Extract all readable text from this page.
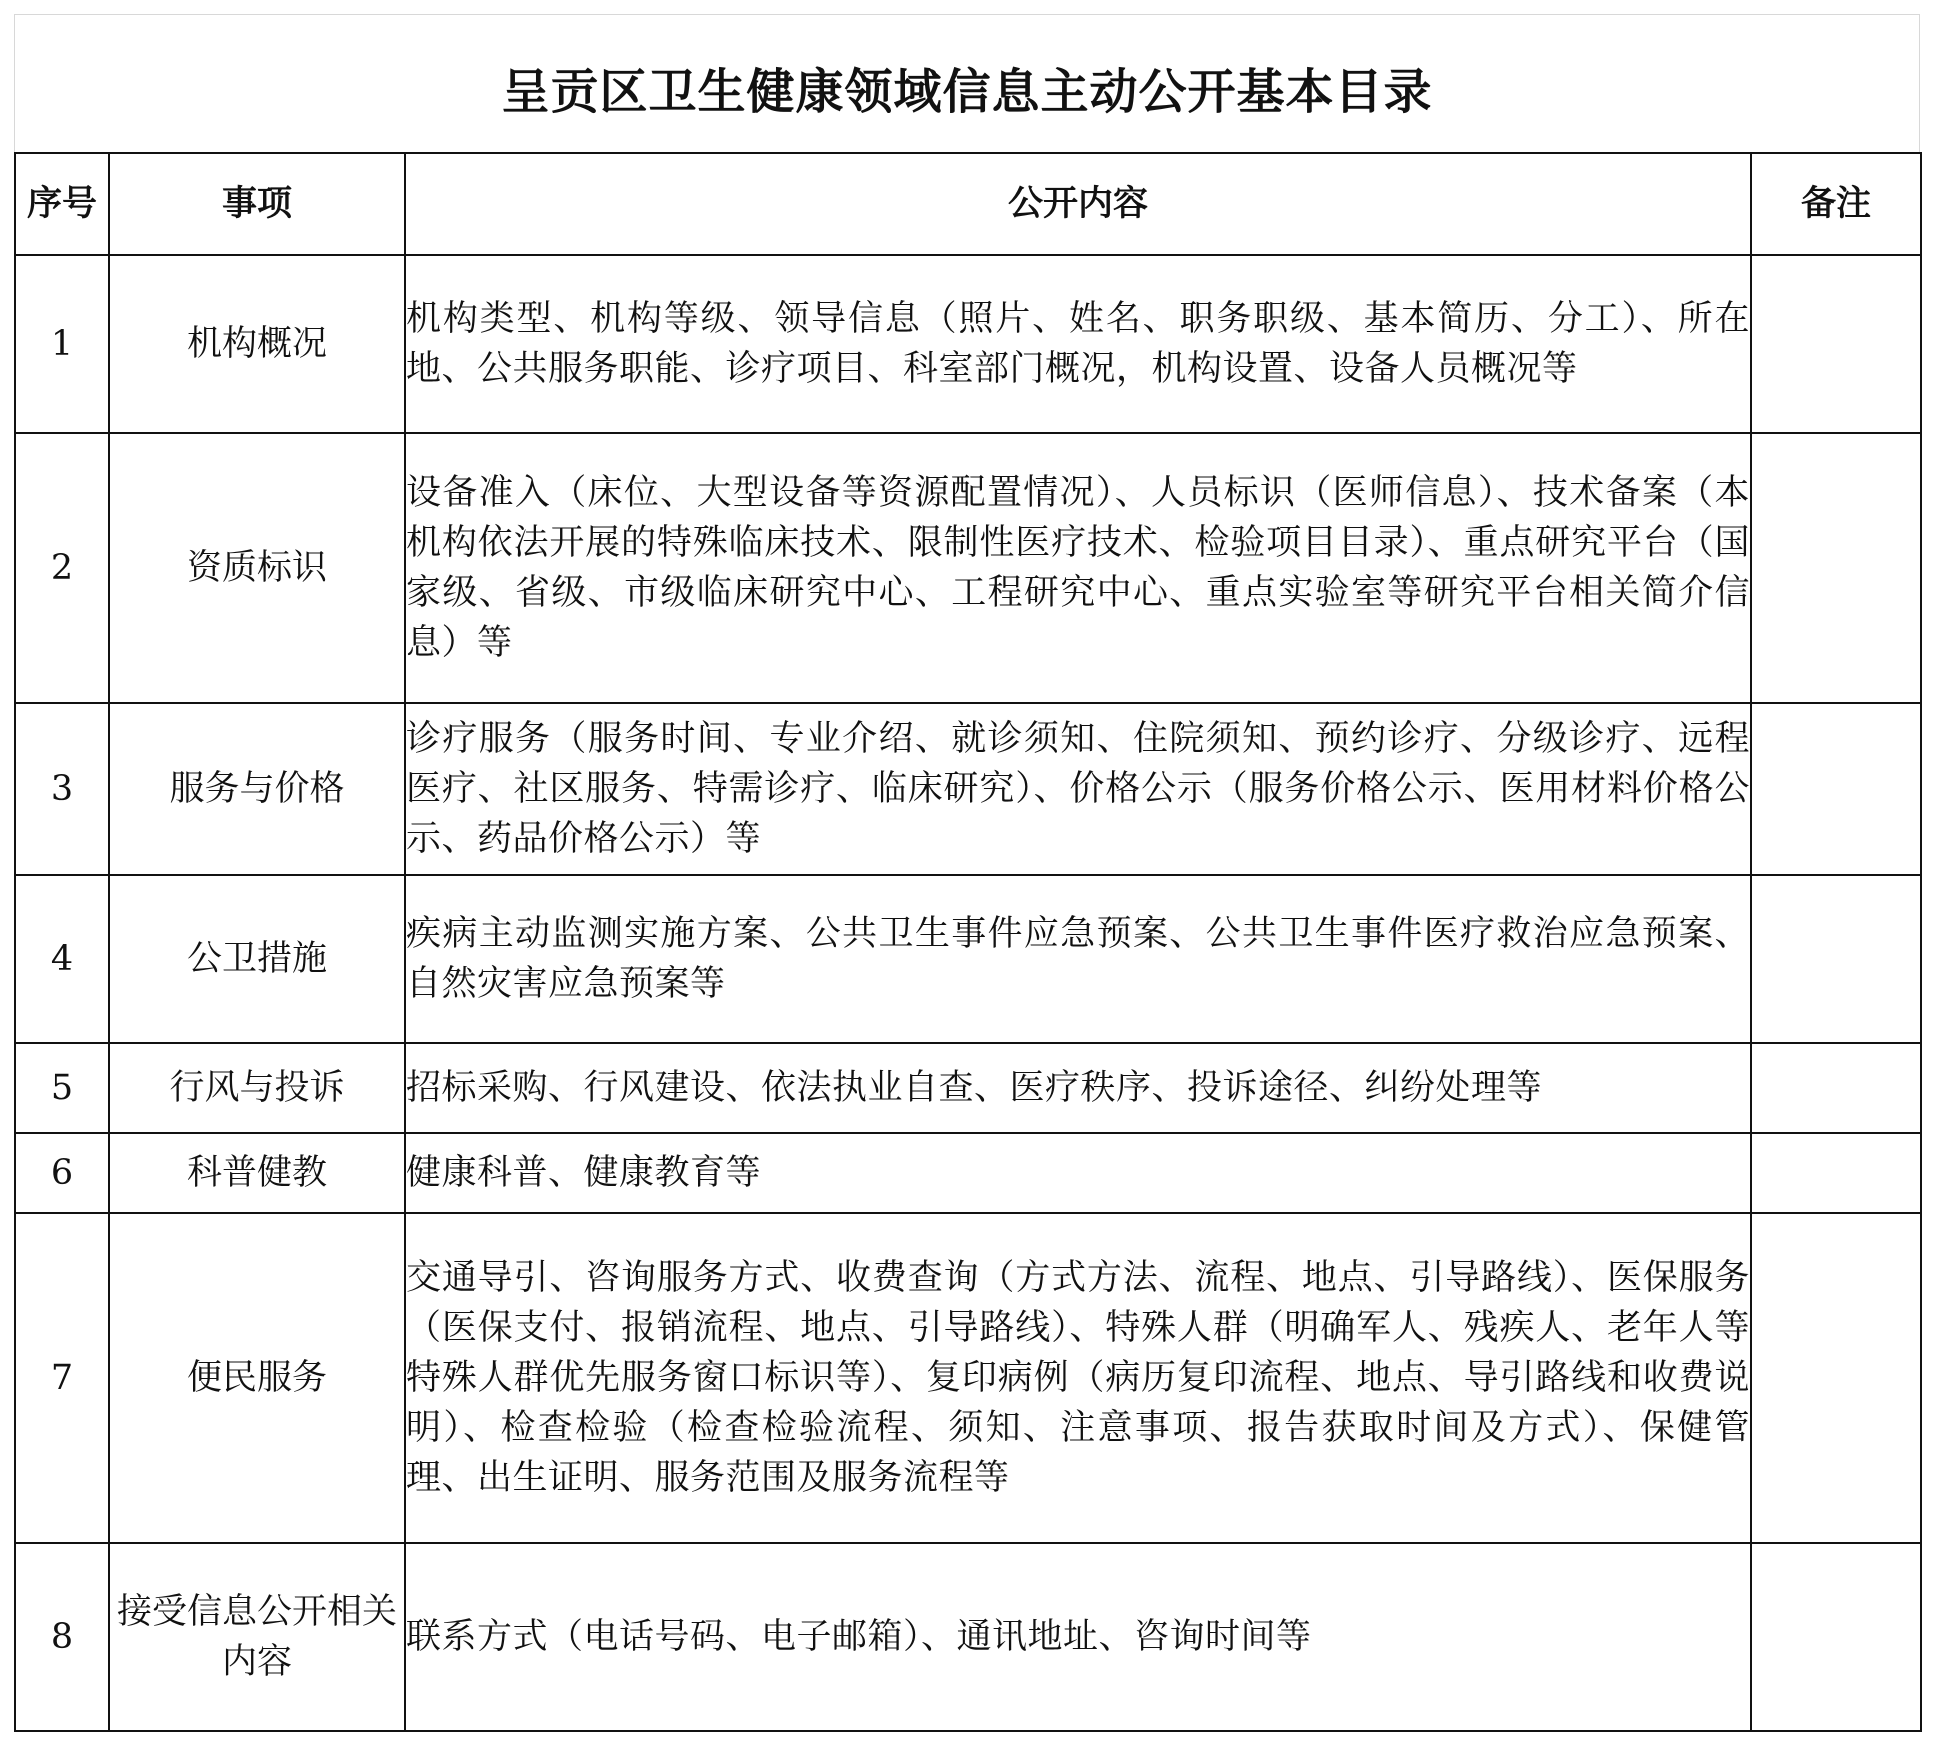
呈贡区卫生健康领域信息主动公开基本目录
序号	事项	公开内容	备注
1	机构概况	机构类型、机构等级、领导信息（照片、姓名、职务职级、基本简历、分工）、所在地、公共服务职能、诊疗项目、科室部门概况，机构设置、设备人员概况等	
2	资质标识	设备准入（床位、大型设备等资源配置情况）、人员标识（医师信息）、技术备案（本机构依法开展的特殊临床技术、限制性医疗技术、检验项目目录）、重点研究平台（国家级、省级、市级临床研究中心、工程研究中心、重点实验室等研究平台相关简介信息）等	
3	服务与价格	诊疗服务（服务时间、专业介绍、就诊须知、住院须知、预约诊疗、分级诊疗、远程医疗、社区服务、特需诊疗、临床研究）、价格公示（服务价格公示、医用材料价格公示、药品价格公示）等	
4	公卫措施	疾病主动监测实施方案、公共卫生事件应急预案、公共卫生事件医疗救治应急预案、自然灾害应急预案等	
5	行风与投诉	招标采购、行风建设、依法执业自查、医疗秩序、投诉途径、纠纷处理等	
6	科普健教	健康科普、健康教育等	
7	便民服务	交通导引、咨询服务方式、收费查询（方式方法、流程、地点、引导路线）、医保服务（医保支付、报销流程、地点、引导路线）、特殊人群（明确军人、残疾人、老年人等特殊人群优先服务窗口标识等）、复印病例（病历复印流程、地点、导引路线和收费说明）、检查检验（检查检验流程、须知、注意事项、报告获取时间及方式）、保健管理、出生证明、服务范围及服务流程等	
8	接受信息公开相关内容	联系方式（电话号码、电子邮箱）、通讯地址、咨询时间等	
